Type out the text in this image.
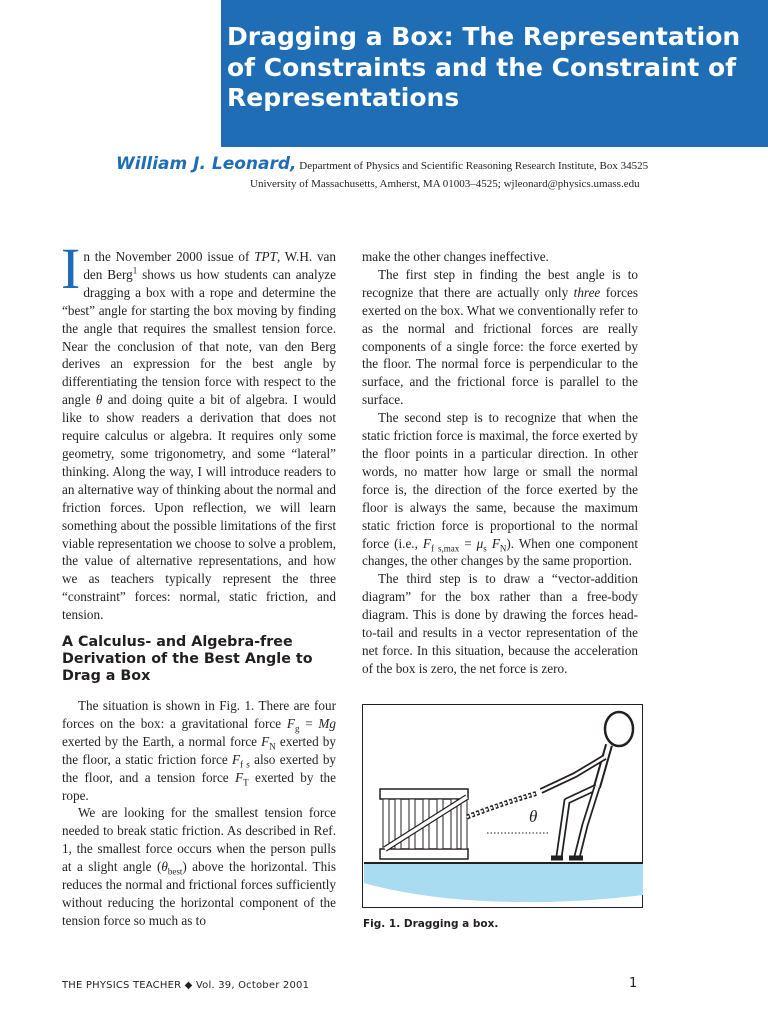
Dragging a Box: The Representation of Constraints and the Constraint of Representations
William J. Leonard, Department of Physics and Scientific Reasoning Research Institute, Box 34525
University of Massachusetts, Amherst, MA 01003–4525; wjleonard@physics.umass.edu

In the November 2000 issue of TPT, W.H. van den Berg$^1$ shows us how students can analyze dragging a box with a rope and determine the “best” angle for starting the box moving by finding the angle that requires the smallest tension force. Near the conclusion of that note, van den Berg derives an expression for the best angle by differentiating the tension force with respect to the angle θ and doing quite a bit of algebra. I would like to show readers a derivation that does not require calculus or algebra. It requires only some geometry, some trigonometry, and some “lateral” thinking. Along the way, I will introduce readers to an alternative way of thinking about the normal and friction forces. Upon reflection, we will learn something about the possible limitations of the first viable representation we choose to solve a problem, the value of alternative representations, and how we as teachers typically represent the three “constraint” forces: normal, static friction, and tension.

A Calculus- and Algebra-free Derivation of the Best Angle to Drag a Box

The situation is shown in Fig. 1. There are four forces on the box: a gravitational force $F_g = Mg$ exerted by the Earth, a normal force $F_N$ exerted by the floor, a static friction force $F_{f s}$ also exerted by the floor, and a tension force $F_T$ exerted by the rope.

We are looking for the smallest tension force needed to break static friction. As described in Ref. 1, the smallest force occurs when the person pulls at a slight angle $(\theta_{best})$ above the horizontal. This reduces the normal and frictional forces sufficiently without reducing the horizontal component of the tension force so much as to

make the other changes ineffective.

The first step in finding the best angle is to recognize that there are actually only three forces exerted on the box. What we conventionally refer to as the normal and frictional forces are really components of a single force: the force exerted by the floor. The normal force is perpendicular to the surface, and the frictional force is parallel to the surface.

The second step is to recognize that when the static friction force is maximal, the force exerted by the floor points in a particular direction. In other words, no matter how large or small the normal force is, the direction of the force exerted by the floor is always the same, because the maximum static friction force is proportional to the normal force (i.e., $F_{f s,max} = \mu_s$ $F_N$). When one component changes, the other changes by the same proportion.

The third step is to draw a “vector-addition diagram” for the box rather than a free-body diagram. This is done by drawing the forces head-to-tail and results in a vector representation of the net force. In this situation, because the acceleration of the box is zero, the net force is zero.

θ
Fig. 1. Dragging a box.
THE PHYSICS TEACHER ◆ Vol. 39, October 2001	1
